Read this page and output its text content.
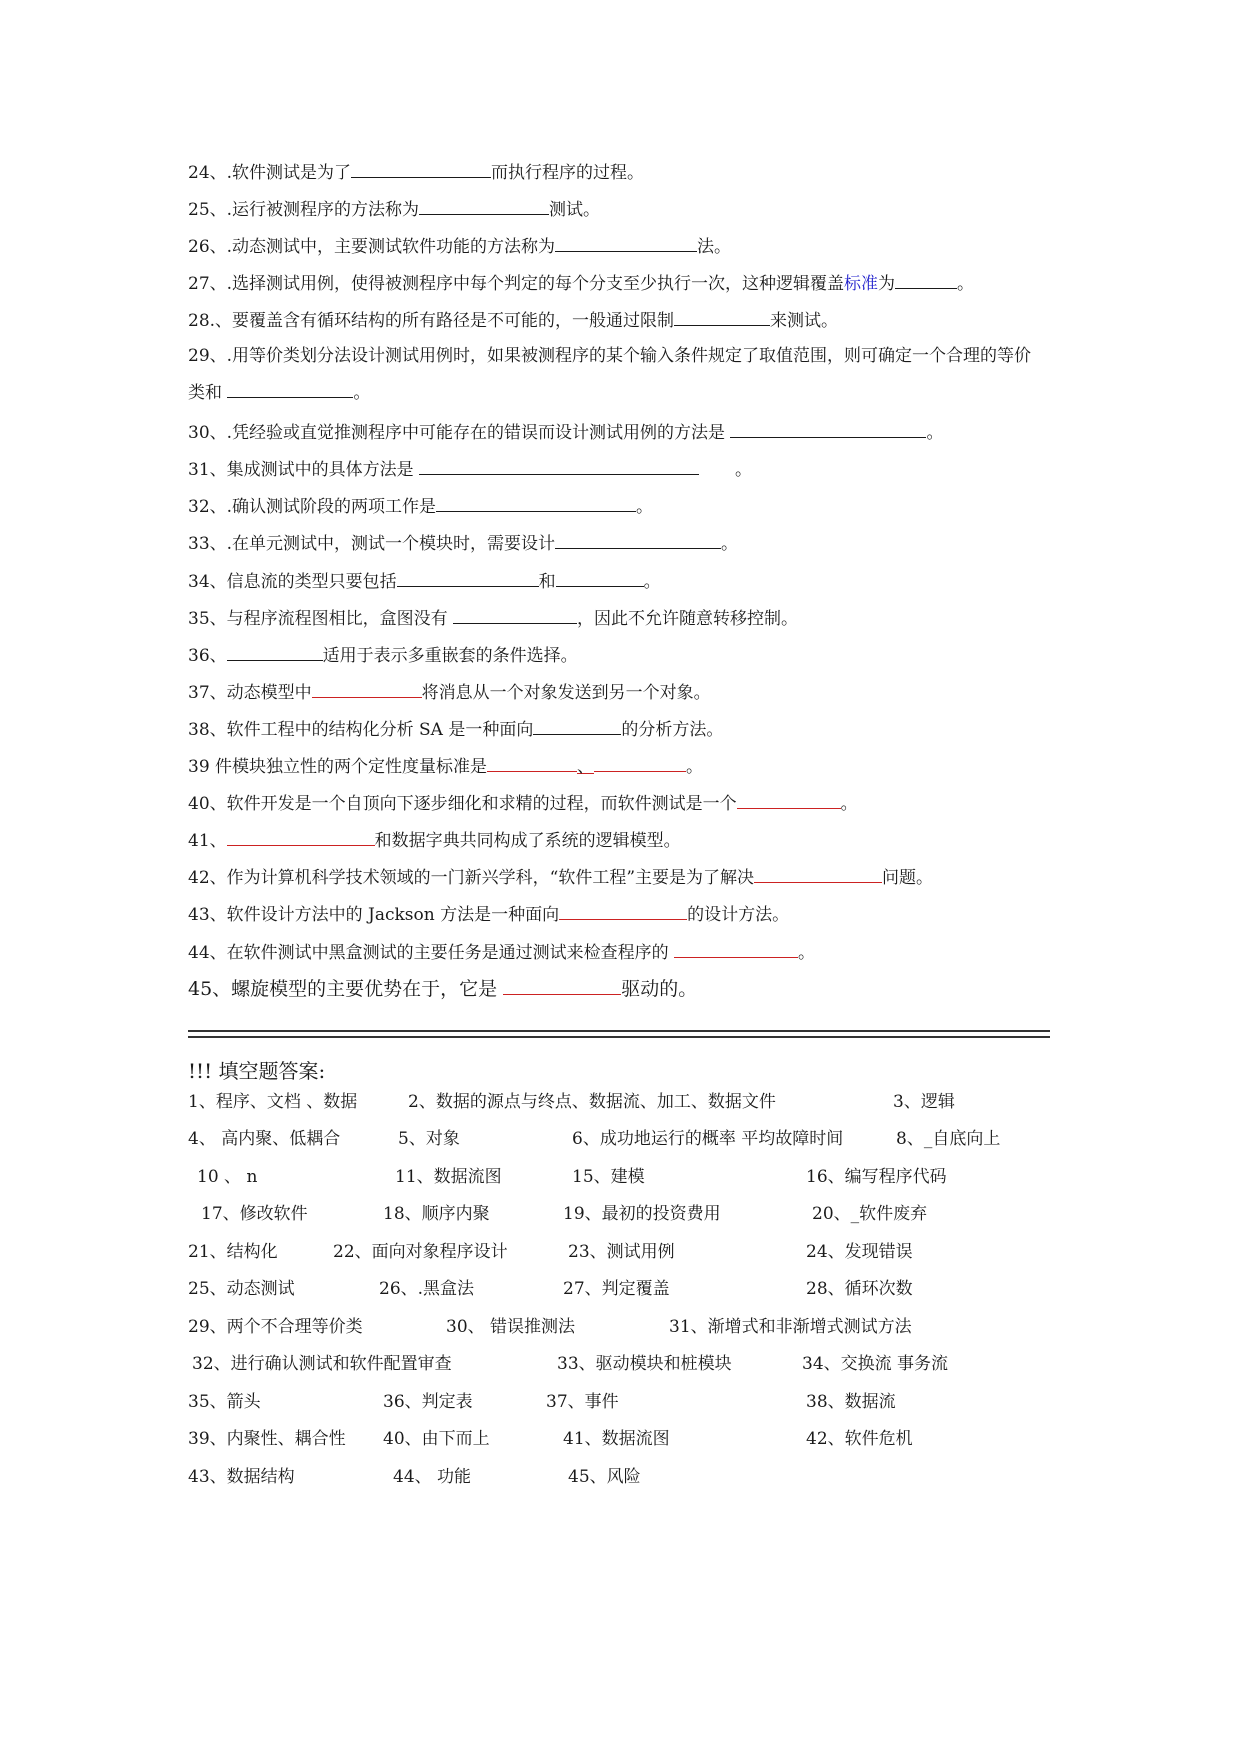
24、.软件测试是为了	而执行程序的过程。
25、.运行被测程序的方法称为	测试。
26、.动态测试中，主要测试软件功能的方法称为	法。
27、.选择测试用例，使得被测程序中每个判定的每个分支至少执行一次，这种逻辑覆盖标准为	。
28.、要覆盖含有循环结构的所有路径是不可能的，一般通过限制	来测试。
29、.用等价类划分法设计测试用例时，如果被测程序的某个输入条件规定了取值范围，则可确定一个合理的等价类和	。
30、.凭经验或直觉推测程序中可能存在的错误而设计测试用例的方法是	。
31、集成测试中的具体方法是	。
32、.确认测试阶段的两项工作是	。
33、.在单元测试中，测试一个模块时，需要设计	。
34、信息流的类型只要包括	和	。
35、与程序流程图相比，盒图没有	，因此不允许随意转移控制。
36、	适用于表示多重嵌套的条件选择。
37、动态模型中	将消息从一个对象发送到另一个对象。
38、软件工程中的结构化分析 SA 是一种面向	的分析方法。
39 件模块独立性的两个定性度量标准是	、	。
40、软件开发是一个自顶向下逐步细化和求精的过程，而软件测试是一个	。
41、	和数据字典共同构成了系统的逻辑模型。
42、作为计算机科学技术领域的一门新兴学科，“软件工程”主要是为了解决	问题。
43、软件设计方法中的 Jackson 方法是一种面向	的设计方法。
44、在软件测试中黑盒测试的主要任务是通过测试来检查程序的	。
45、螺旋模型的主要优势在于，它是	驱动的。
!!! 填空题答案:
1、程序、文档 、数据	2、数据的源点与终点、数据流、加工、数据文件	3、逻辑
4、 高内聚、低耦合	5、对象	6、成功地运行的概率 平均故障时间	8、_自底向上
10 、 n	11、数据流图	15、建模	16、编写程序代码
17、修改软件	18、顺序内聚	19、最初的投资费用	20、_软件废弃
21、结构化	22、面向对象程序设计	23、测试用例	24、发现错误
25、动态测试	26、.黑盒法	27、判定覆盖	28、循环次数
29、两个不合理等价类	30、 错误推测法	31、渐增式和非渐增式测试方法
32、进行确认测试和软件配置审查	33、驱动模块和桩模块	34、交换流 事务流
35、箭头	36、判定表	37、事件	38、数据流
39、内聚性、耦合性 40、由下而上	41、数据流图	42、软件危机
43、数据结构	44、 功能	45、风险
